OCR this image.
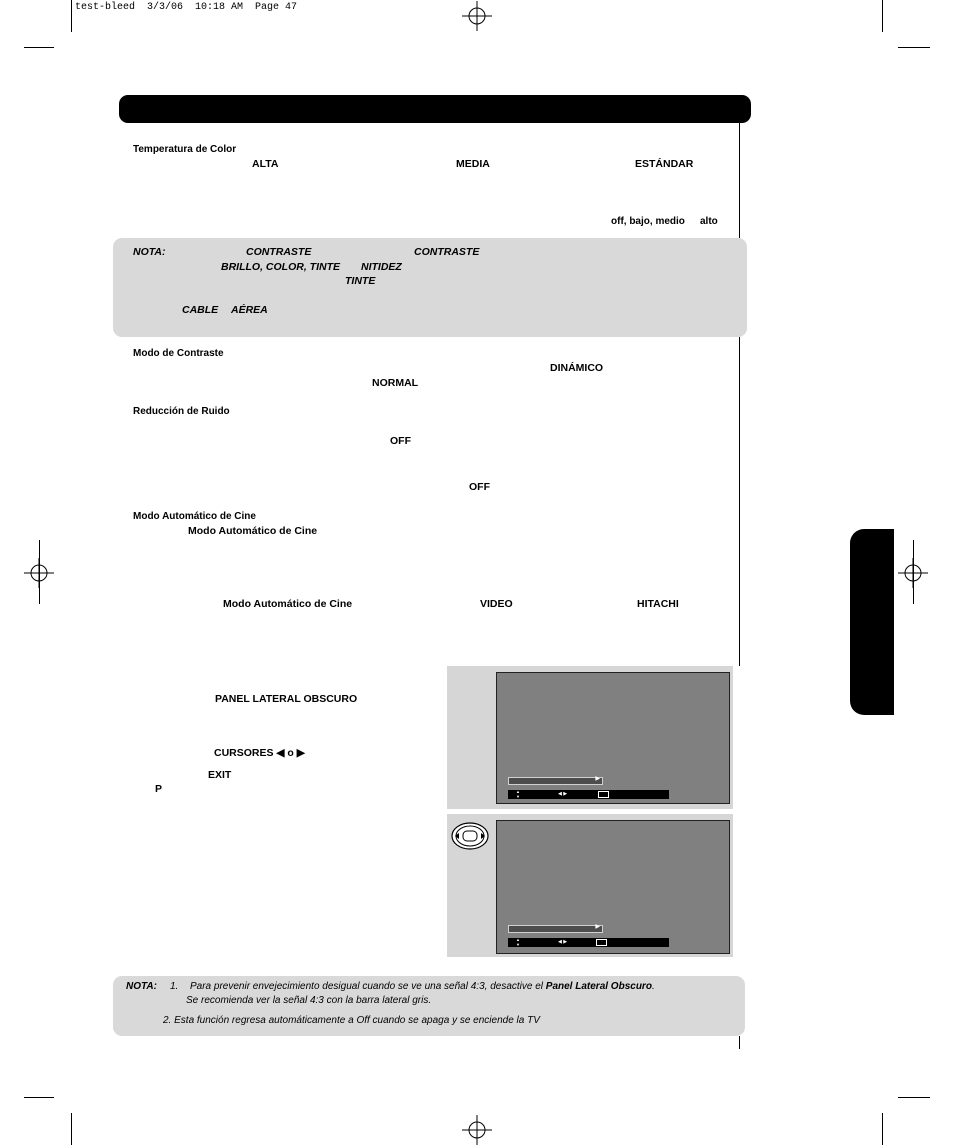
test-bleed  3/3/06  10:18 AM  Page 47
Temperatura de Color
ALTA	MEDIA	ESTÁNDAR
off, bajo, medio alto
NOTA:	CONTRASTE	CONTRASTE
BRILLO, COLOR, TINTE NITIDEZ
TINTE
CABLE AÉREA
Modo de Contraste
DINÁMICO
NORMAL
Reducción de Ruido
OFF
OFF
Modo Automático de Cine
Modo Automático de Cine
Modo Automático de Cine	VIDEO	HITACHI
PANEL LATERAL OBSCURO
CURSORES ◀ o ▶
EXIT
P
▶
▲
▼	◀ ▶
▶
▲
▼	◀ ▶
NOTA: 1. Para prevenir envejecimiento desigual cuando se ve una señal 4:3, desactive el Panel Lateral Obscuro.
Se recomienda ver la señal 4:3 con la barra lateral gris.
2. Esta función regresa automáticamente a Off cuando se apaga y se enciende la TV
